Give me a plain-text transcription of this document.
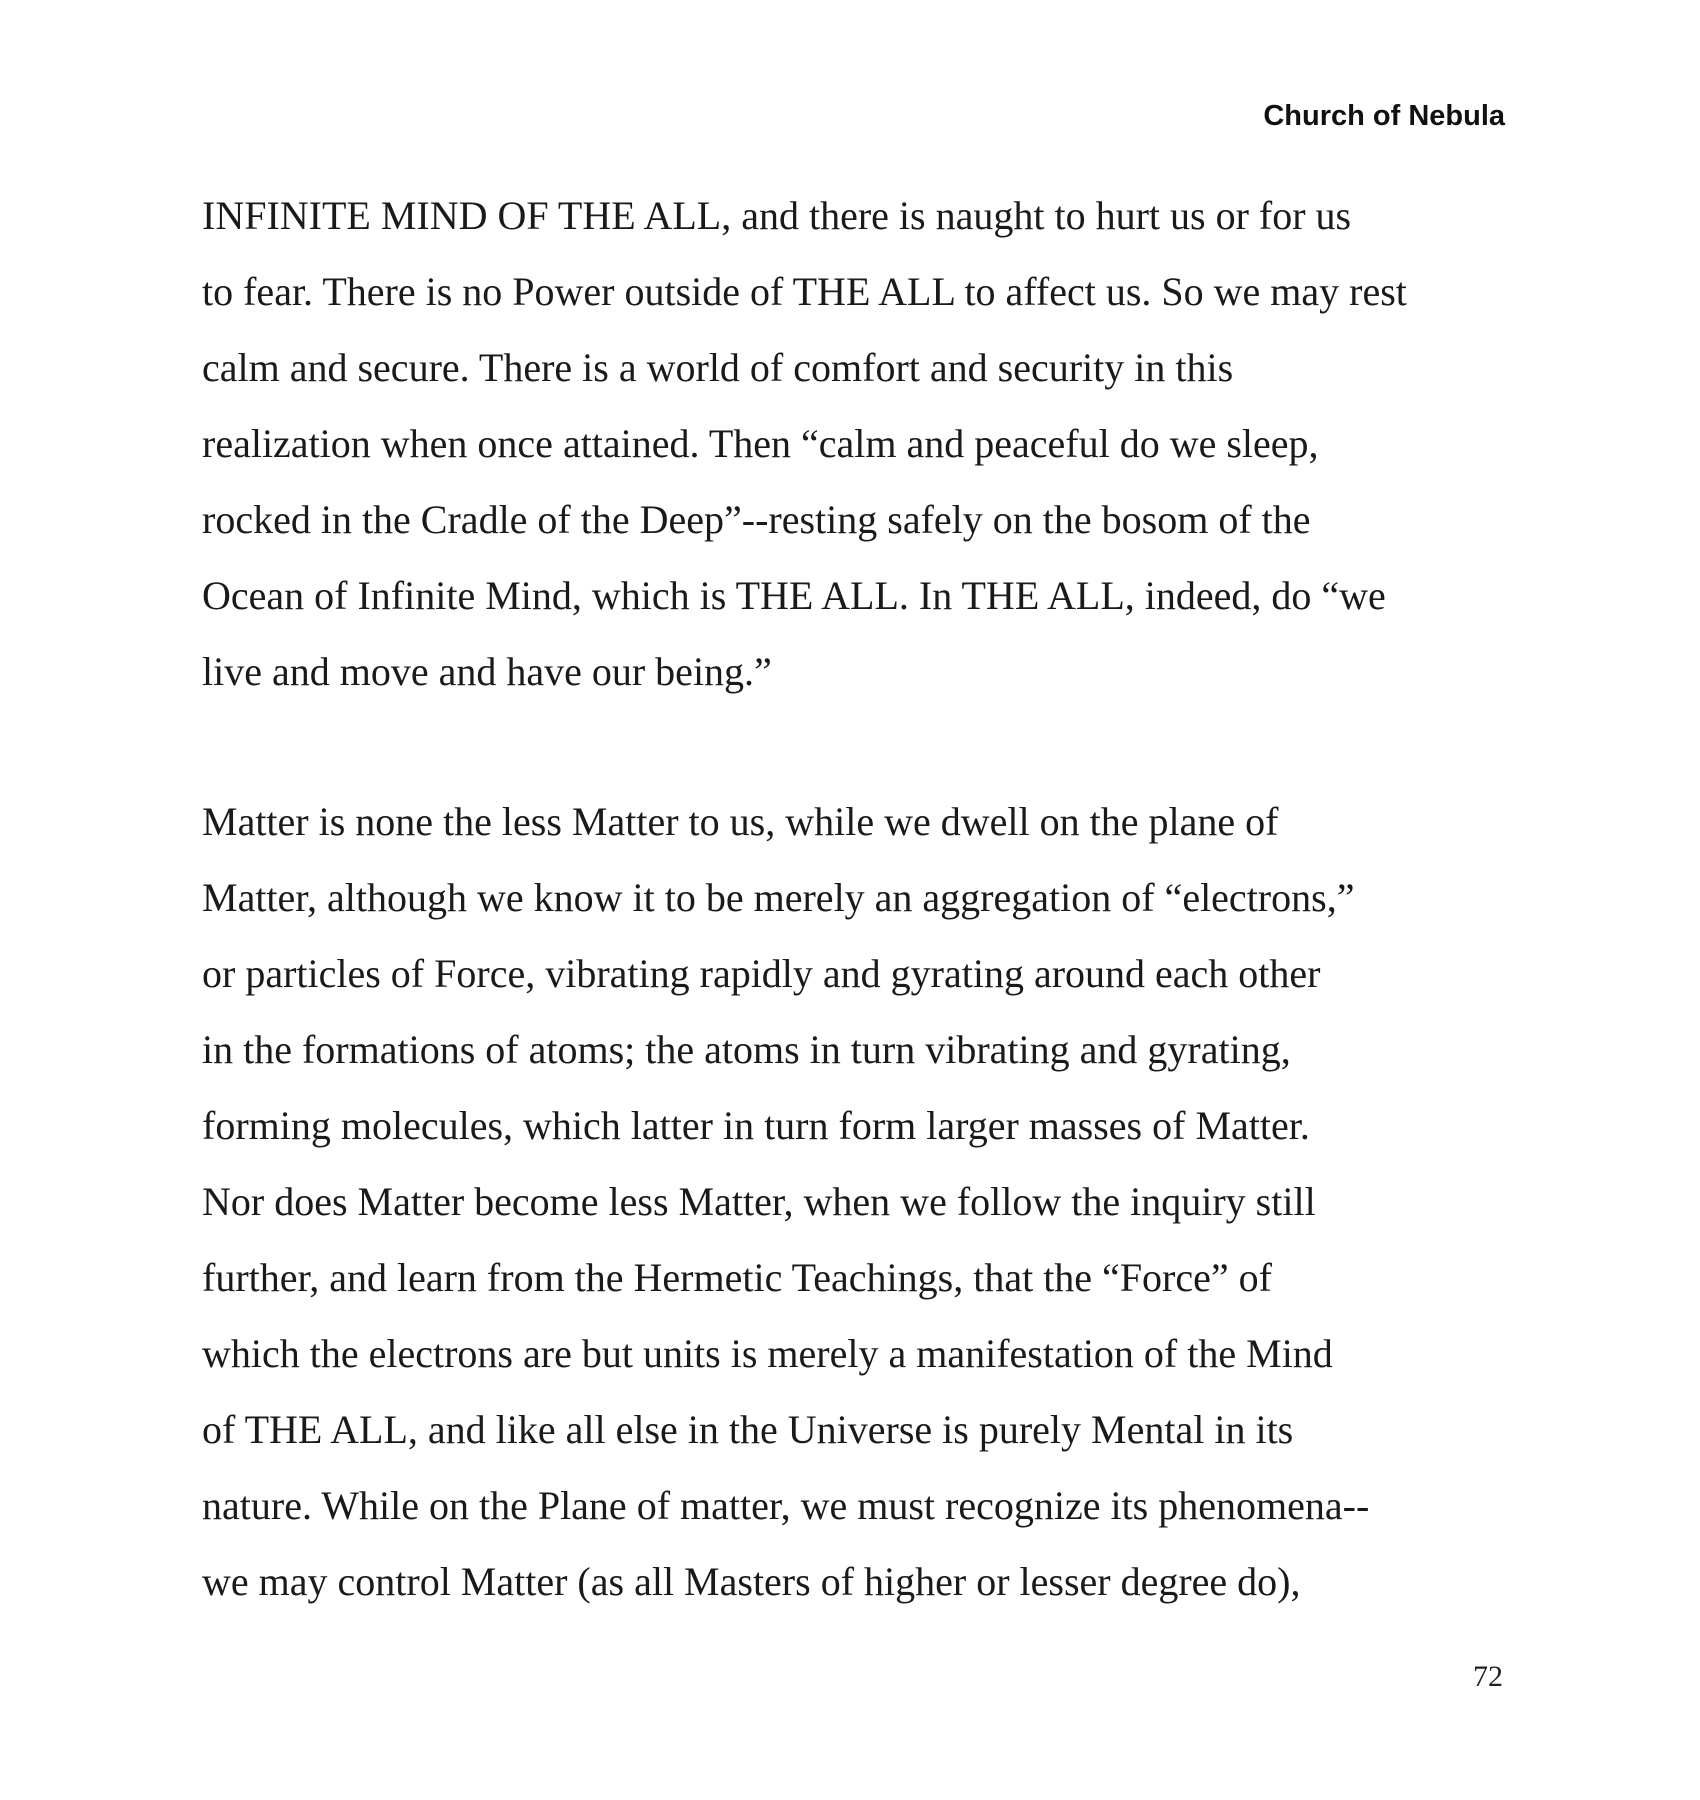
Church of Nebula
INFINITE MIND OF THE ALL, and there is naught to hurt us or for us
to fear. There is no Power outside of THE ALL to affect us. So we may rest
calm and secure. There is a world of comfort and security in this
realization when once attained. Then “calm and peaceful do we sleep,
rocked in the Cradle of the Deep”--resting safely on the bosom of the
Ocean of Infinite Mind, which is THE ALL. In THE ALL, indeed, do “we
live and move and have our being.”
Matter is none the less Matter to us, while we dwell on the plane of
Matter, although we know it to be merely an aggregation of “electrons,”
or particles of Force, vibrating rapidly and gyrating around each other
in the formations of atoms; the atoms in turn vibrating and gyrating,
forming molecules, which latter in turn form larger masses of Matter.
Nor does Matter become less Matter, when we follow the inquiry still
further, and learn from the Hermetic Teachings, that the “Force” of
which the electrons are but units is merely a manifestation of the Mind
of THE ALL, and like all else in the Universe is purely Mental in its
nature. While on the Plane of matter, we must recognize its phenomena--
we may control Matter (as all Masters of higher or lesser degree do),
72
